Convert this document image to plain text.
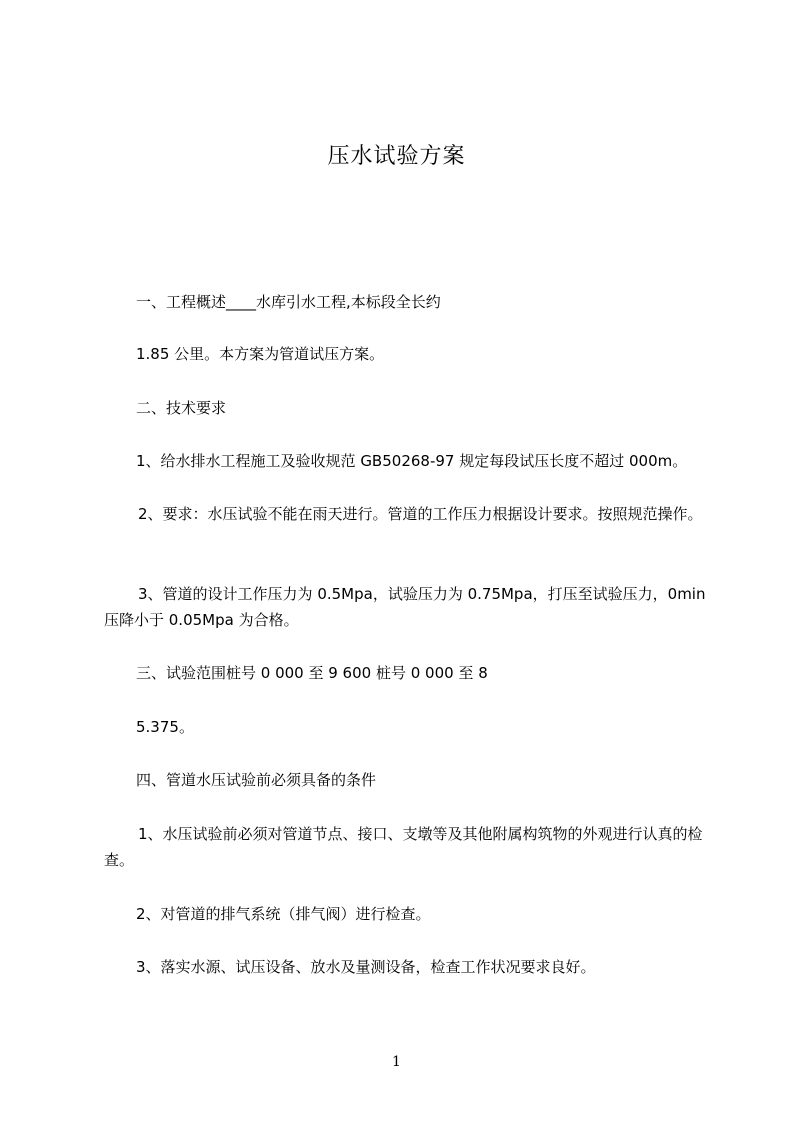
压水试验方案
一、工程概述____水库引水工程,本标段全长约
1.85 公里。本方案为管道试压方案。
二、技术要求
1、给水排水工程施工及验收规范 GB50268-97 规定每段试压长度不超过 000m。
2、要求：水压试验不能在雨天进行。管道的工作压力根据设计要求。按照规范操作。
3、管道的设计工作压力为 0.5Mpa，试验压力为 0.75Mpa，打压至试验压力，0min 压降小于 0.05Mpa 为合格。
三、试验范围桩号 0 000 至 9 600 桩号 0 000 至 8
5.375。
四、管道水压试验前必须具备的条件
1、水压试验前必须对管道节点、接口、支墩等及其他附属构筑物的外观进行认真的检查。
2、对管道的排气系统（排气阀）进行检查。
3、落实水源、试压设备、放水及量测设备，检查工作状况要求良好。
1
